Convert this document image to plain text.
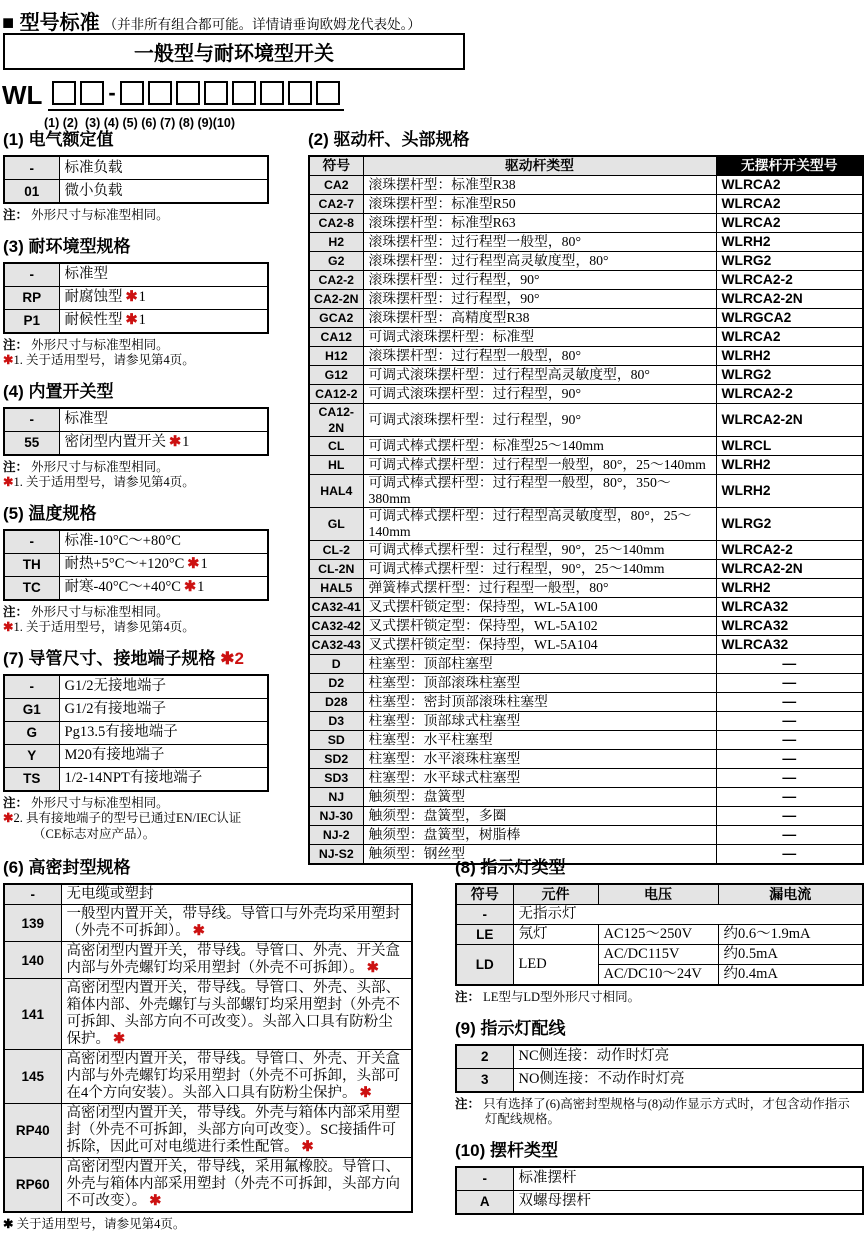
■ 型号标准 （并非所有组合都可能。详情请垂询欧姆龙代表处。）
一般型与耐环境型开关
WL	-
(1) (2)  (3) (4) (5) (6) (7) (8) (9)(10)
(1) 电气额定值
-	标准负载
01	微小负载
注： 外形尺寸与标准型相同。
(3) 耐环境型规格
-	标准型
RP	耐腐蚀型 ✱1
P1	耐候性型 ✱1
注： 外形尺寸与标准型相同。
✱1. 关于适用型号，请参见第4页。
(4) 内置开关型
-	标准型
55	密闭型内置开关 ✱1
注： 外形尺寸与标准型相同。
✱1. 关于适用型号，请参见第4页。
(5) 温度规格
-	标准-10°C～+80°C
TH	耐热+5°C～+120°C ✱1
TC	耐寒-40°C～+40°C ✱1
注： 外形尺寸与标准型相同。
✱1. 关于适用型号，请参见第4页。
(7) 导管尺寸、接地端子规格 ✱2
-	G1/2无接地端子
G1	G1/2有接地端子
G	Pg13.5有接地端子
Y	M20有接地端子
TS	1/2-14NPT有接地端子
注： 外形尺寸与标准型相同。
✱2. 具有接地端子的型号已通过EN/IEC认证
（CE标志对应产品）。
(2) 驱动杆、头部规格
符号	驱动杆类型	无摆杆开关型号
CA2	滚珠摆杆型：标准型R38	WLRCA2
CA2-7	滚珠摆杆型：标准型R50	WLRCA2
CA2-8	滚珠摆杆型：标准型R63	WLRCA2
H2	滚珠摆杆型：过行程型一般型，80°	WLRH2
G2	滚珠摆杆型：过行程型高灵敏度型，80°	WLRG2
CA2-2	滚珠摆杆型：过行程型，90°	WLRCA2-2
CA2-2N	滚珠摆杆型：过行程型，90°	WLRCA2-2N
GCA2	滚珠摆杆型：高精度型R38	WLRGCA2
CA12	可调式滚珠摆杆型：标准型	WLRCA2
H12	滚珠摆杆型：过行程型一般型，80°	WLRH2
G12	可调式滚珠摆杆型：过行程型高灵敏度型，80°	WLRG2
CA12-2	可调式滚珠摆杆型：过行程型，90°	WLRCA2-2
CA12-2N	可调式滚珠摆杆型：过行程型，90°	WLRCA2-2N
CL	可调式棒式摆杆型：标准型25～140mm	WLRCL
HL	可调式棒式摆杆型：过行程型一般型，80°，25～140mm	WLRH2
HAL4	可调式棒式摆杆型：过行程型一般型，80°，350～380mm	WLRH2
GL	可调式棒式摆杆型：过行程型高灵敏度型，80°，25～140mm	WLRG2
CL-2	可调式棒式摆杆型：过行程型，90°，25～140mm	WLRCA2-2
CL-2N	可调式棒式摆杆型：过行程型，90°，25～140mm	WLRCA2-2N
HAL5	弹簧棒式摆杆型：过行程型一般型，80°	WLRH2
CA32-41	叉式摆杆锁定型：保持型，WL-5A100	WLRCA32
CA32-42	叉式摆杆锁定型：保持型，WL-5A102	WLRCA32
CA32-43	叉式摆杆锁定型：保持型，WL-5A104	WLRCA32
D	柱塞型：顶部柱塞型	—
D2	柱塞型：顶部滚珠柱塞型	—
D28	柱塞型：密封顶部滚珠柱塞型	—
D3	柱塞型：顶部球式柱塞型	—
SD	柱塞型：水平柱塞型	—
SD2	柱塞型：水平滚珠柱塞型	—
SD3	柱塞型：水平球式柱塞型	—
NJ	触须型：盘簧型	—
NJ-30	触须型：盘簧型，多圈	—
NJ-2	触须型：盘簧型，树脂棒	—
NJ-S2	触须型：钢丝型	—
(6) 高密封型规格
-	无电缆或塑封
139	一般型内置开关，带导线。导管口与外壳均采用塑封（外壳不可拆卸）。 ✱
140	高密闭型内置开关，带导线。导管口、外壳、开关盒内部与外壳螺钉均采用塑封（外壳不可拆卸）。 ✱
141	高密闭型内置开关，带导线。导管口、外壳、头部、箱体内部、外壳螺钉与头部螺钉均采用塑封（外壳不可拆卸、头部方向不可改变）。头部入口具有防粉尘保护。 ✱
145	高密闭型内置开关，带导线。导管口、外壳、开关盒内部与外壳螺钉均采用塑封（外壳不可拆卸，头部可在4个方向安装）。头部入口具有防粉尘保护。 ✱
RP40	高密闭型内置开关，带导线。外壳与箱体内部采用塑封（外壳不可拆卸，头部方向可改变）。SC接插件可拆除，因此可对电缆进行柔性配管。 ✱
RP60	高密闭型内置开关，带导线，采用氟橡胶。导管口、外壳与箱体内部采用塑封（外壳不可拆卸，头部方向不可改变）。 ✱
✱ 关于适用型号，请参见第4页。
(8) 指示灯类型
符号	元件	电压	漏电流
-	无指示灯		
LE	氖灯	AC125～250V	约0.6～1.9mA
LD	LED	AC/DC115V	约0.5mA
		AC/DC10～24V	约0.4mA
注： LE型与LD型外形尺寸相同。
(9) 指示灯配线
2	NC侧连接：动作时灯亮
3	NO侧连接：不动作时灯亮
注： 只有选择了(6)高密封型规格与(8)动作显示方式时，才包含动作指示灯配线规格。
(10) 摆杆类型
-	标准摆杆
A	双螺母摆杆
